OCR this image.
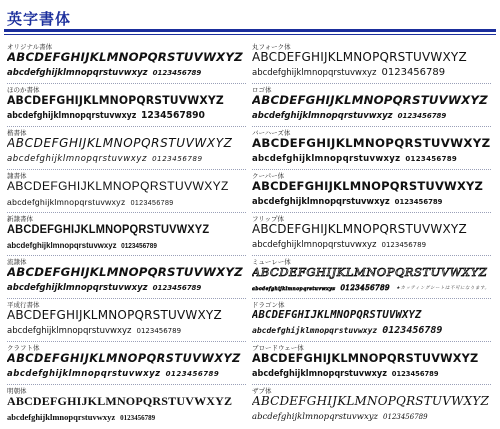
英字書体
オリジナル書体
ABCDEFGHIJKLMNOPQRSTUVWXYZ
abcdefghijklmnopqrstuvwxyz 0123456789
ほのか書体
ABCDEFGHIJKLMNOPQRSTUVWXYZ
abcdefghijklmnopqrstuvwxyz 1234567890
楷書体
ABCDEFGHIJKLMNOPQRSTUVWXYZ
abcdefghijklmnopqrstuvwxyz 0123456789
隷書体
ABCDEFGHIJKLMNOPQRSTUVWXYZ
abcdefghijklmnopqrstuvwxyz 0123456789
新隷書体
ABCDEFGHIJKLMNOPQRSTUVWXYZ
abcdefghijklmnopqrstuvwxyz 0123456789
流隷体
ABCDEFGHIJKLMNOPQRSTUVWXYZ
abcdefghijklmnopqrstuvwxyz 0123456789
平成行書体
ABCDEFGHIJKLMNOPQRSTUVWXYZ
abcdefghijklmnopqrstuvwxyz 0123456789
クラフト体
ABCDEFGHIJKLMNOPQRSTUVWXYZ
abcdefghijklmnopqrstuvwxyz 0123456789
明朝体
ABCDEFGHIJKLMNOPQRSTUVWXYZ
abcdefghijklmnopqrstuvwxyz 0123456789
丸フォーク体
ABCDEFGHIJKLMNOPQRSTUVWXYZ
abcdefghijklmnopqrstuvwxyz 0123456789
ロゴ体
ABCDEFGHIJKLMNOPQRSTUVWXYZ
abcdefghijklmnopqrstuvwxyz 0123456789
バーハーズ体
ABCDEFGHIJKLMNOPQRSTUVWXYZ
abcdefghijklmnopqrstuvwxyz 0123456789
クーパー体
ABCDEFGHIJKLMNOPQRSTUVWXYZ
abcdefghijklmnopqrstuvwxyz 0123456789
フリップ体
ABCDEFGHIJKLMNOPQRSTUVWXYZ
abcdefghijklmnopqrstuvwxyz 0123456789
ミューレー体
ABCDEFGHIJKLMNOPQRSTUVWXYZ
abcdefghijklmnopqrstuvwxyz 0123456789 ★カッティングシートは不可になります。
ドラゴン体
ABCDEFGHIJKLMNOPQRSTUVWXYZ
abcdefghijklmnopqrstuvwxyz 0123456789
ブロードウェー体
ABCDEFGHIJKLMNOPQRSTUVWXYZ
abcdefghijklmnopqrstuvwxyz 0123456789
ザプ体
ABCDEFGHIJKLMNOPQRSTUVWXYZ
abcdefghijklmnopqrstuvwxyz 0123456789
